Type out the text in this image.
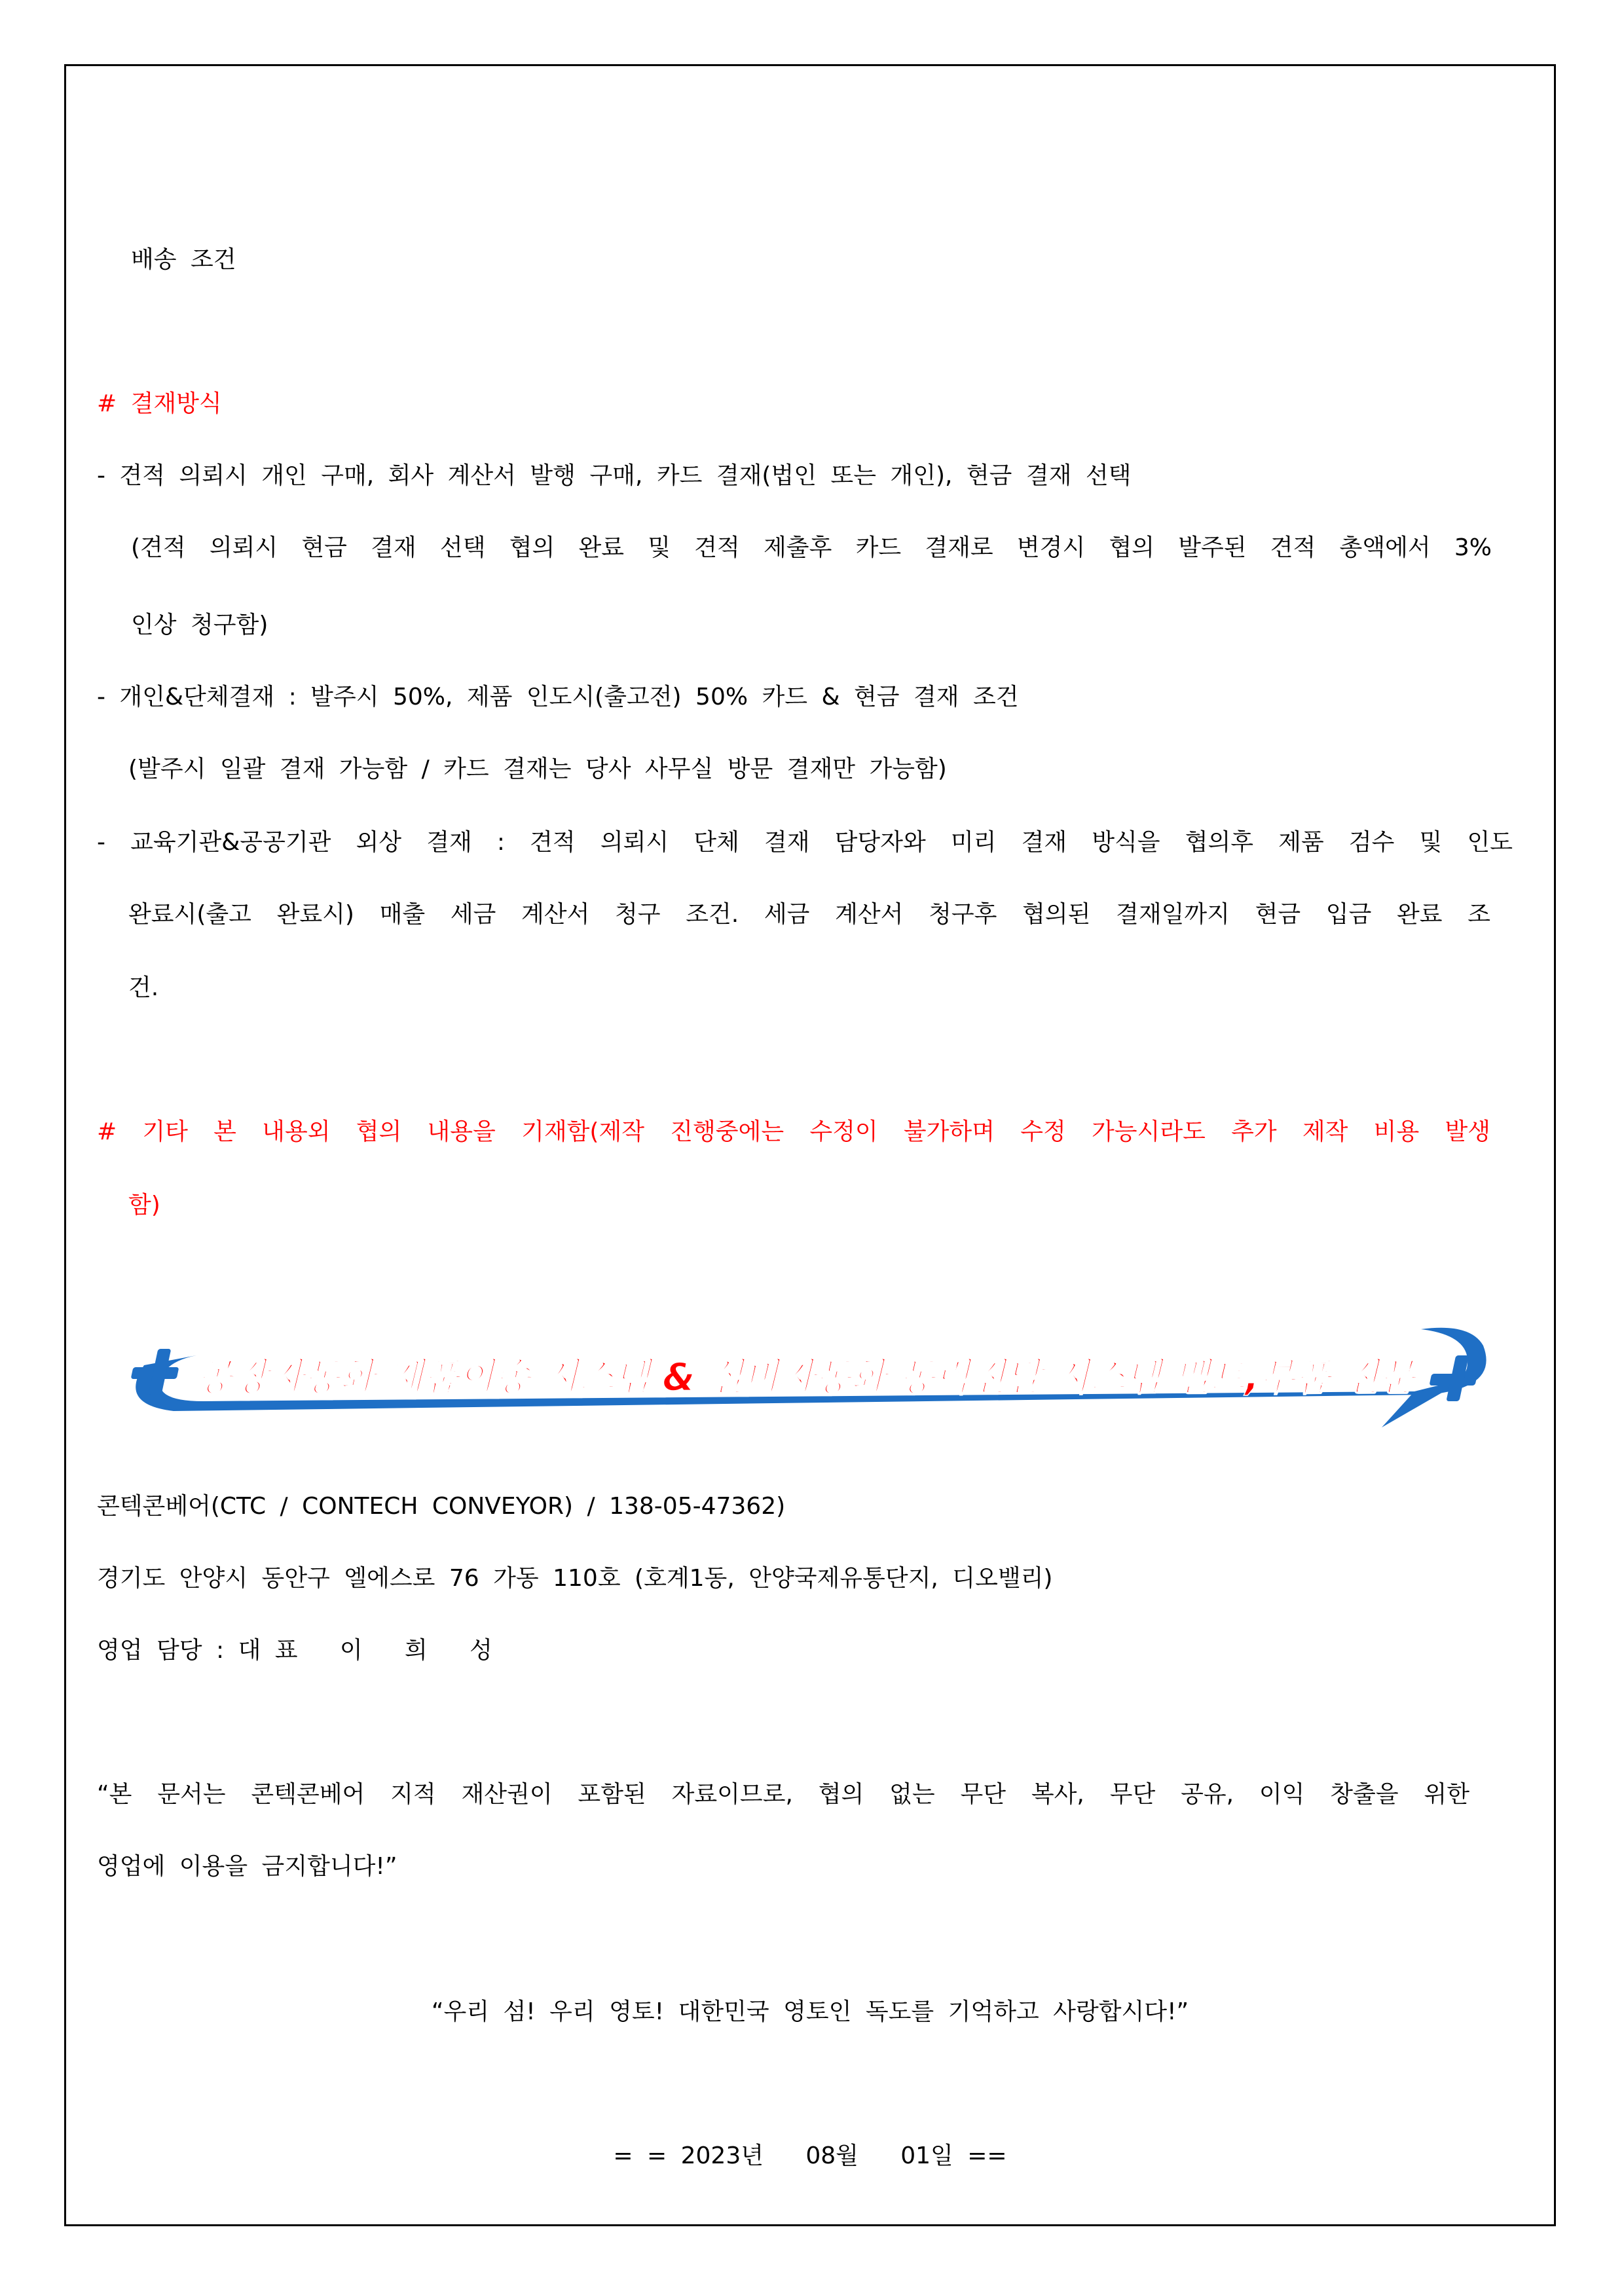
배송 조건
# 결재방식
- 견적 의뢰시 개인 구매, 회사 계산서 발행 구매, 카드 결재(법인 또는 개인), 현금 결재 선택
(견적 의뢰시 현금 결재 선택 협의 완료 및 견적 제출후 카드 결재로 변경시 협의 발주된 견적 총액에서 3%
인상 청구함)
- 개인&단체결재 : 발주시 50%, 제품 인도시(출고전) 50% 카드 & 현금 결재 조건
(발주시 일괄 결재 가능함 / 카드 결재는 당사 사무실 방문 결재만 가능함)
- 교육기관&공공기관 외상 결재 : 견적 의뢰시 단체 결재 담당자와 미리 결재 방식을 협의후 제품 검수 및 인도
완료시(출고 완료시) 매출 세금 계산서 청구 조건. 세금 계산서 청구후 협의된 결재일까지 현금 입금 완료 조
건.
# 기타 본 내용외 협의 내용을 기재함(제작 진행중에는 수정이 불가하며 수정 가능시라도 추가 제작 비용 발생
함)
공장자동화 제품이송 시스템 & 설비자동화 동력전달 시스템 벨트,부품 전문
콘텍콘베어(CTC / CONTECH CONVEYOR) / 138-05-47362)
경기도 안양시 동안구 엘에스로 76 가동 110호 (호계1동, 안양국제유통단지, 디오밸리)
영업 담당 : 대 표   이   희   성
“본 문서는 콘텍콘베어 지적 재산권이 포함된 자료이므로, 협의 없는 무단 복사, 무단 공유, 이익 창출을 위한
영업에 이용을 금지합니다!”
“우리 섬! 우리 영토! 대한민국 영토인 독도를 기억하고 사랑합시다!”
= = 2023년   08월   01일 ==
